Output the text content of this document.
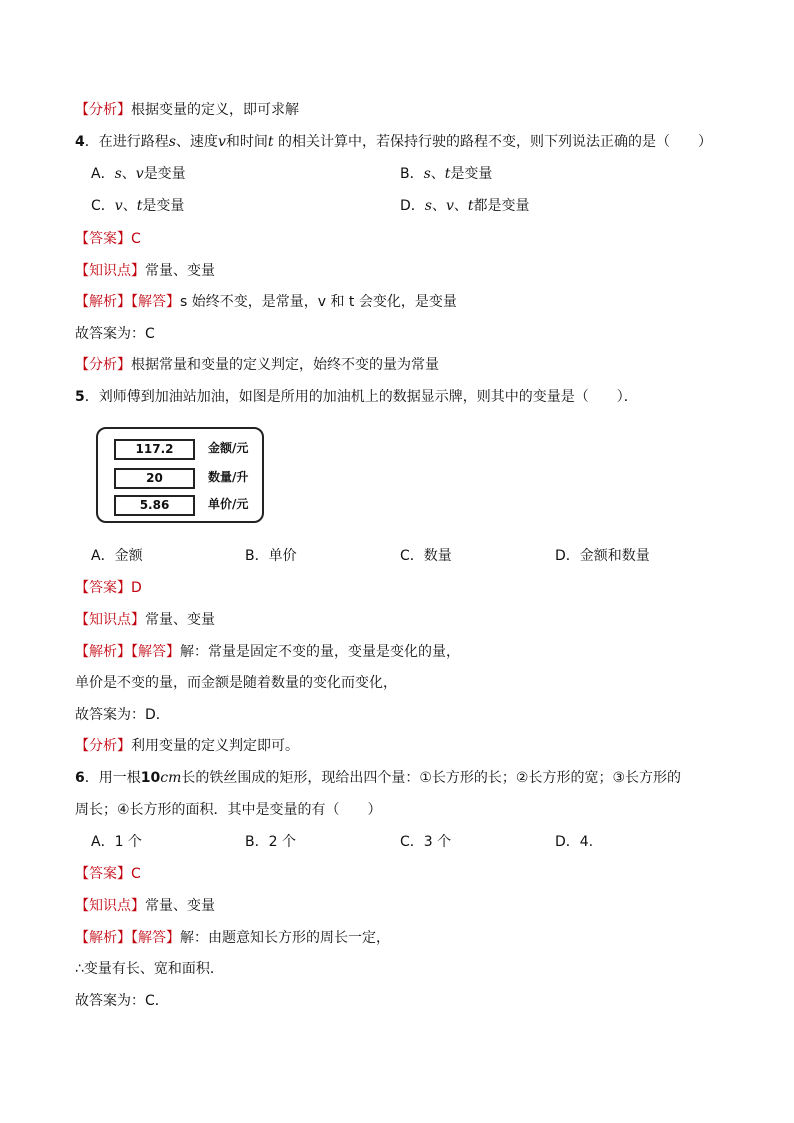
【分析】根据变量的定义，即可求解
4．在进行路程s、速度v和时间t 的相关计算中，若保持行驶的路程不变，则下列说法正确的是（　　）
A．s、v是变量	B．s、t是变量
C．v、t是变量	D．s、v、t都是变量
【答案】C
【知识点】常量、变量
【解析】【解答】s 始终不变，是常量，v 和 t 会变化，是变量
故答案为：C
【分析】根据常量和变量的定义判定，始终不变的量为常量
5．刘师傅到加油站加油，如图是所用的加油机上的数据显示牌，则其中的变量是（　　）．
117.2	金额/元
20	数量/升
5.86	单价/元
A．金额	B．单价	C．数量	D．金额和数量
【答案】D
【知识点】常量、变量
【解析】【解答】解：常量是固定不变的量，变量是变化的量，
单价是不变的量，而金额是随着数量的变化而变化，
故答案为：D．
【分析】利用变量的定义判定即可。
6．用一根10cm长的铁丝围成的矩形，现给出四个量：①长方形的长；②长方形的宽；③长方形的
周长；④长方形的面积．其中是变量的有（　　）
A．1 个	B．2 个	C．3 个	D．4.
【答案】C
【知识点】常量、变量
【解析】【解答】解：由题意知长方形的周长一定，
∴变量有长、宽和面积．
故答案为：C．
